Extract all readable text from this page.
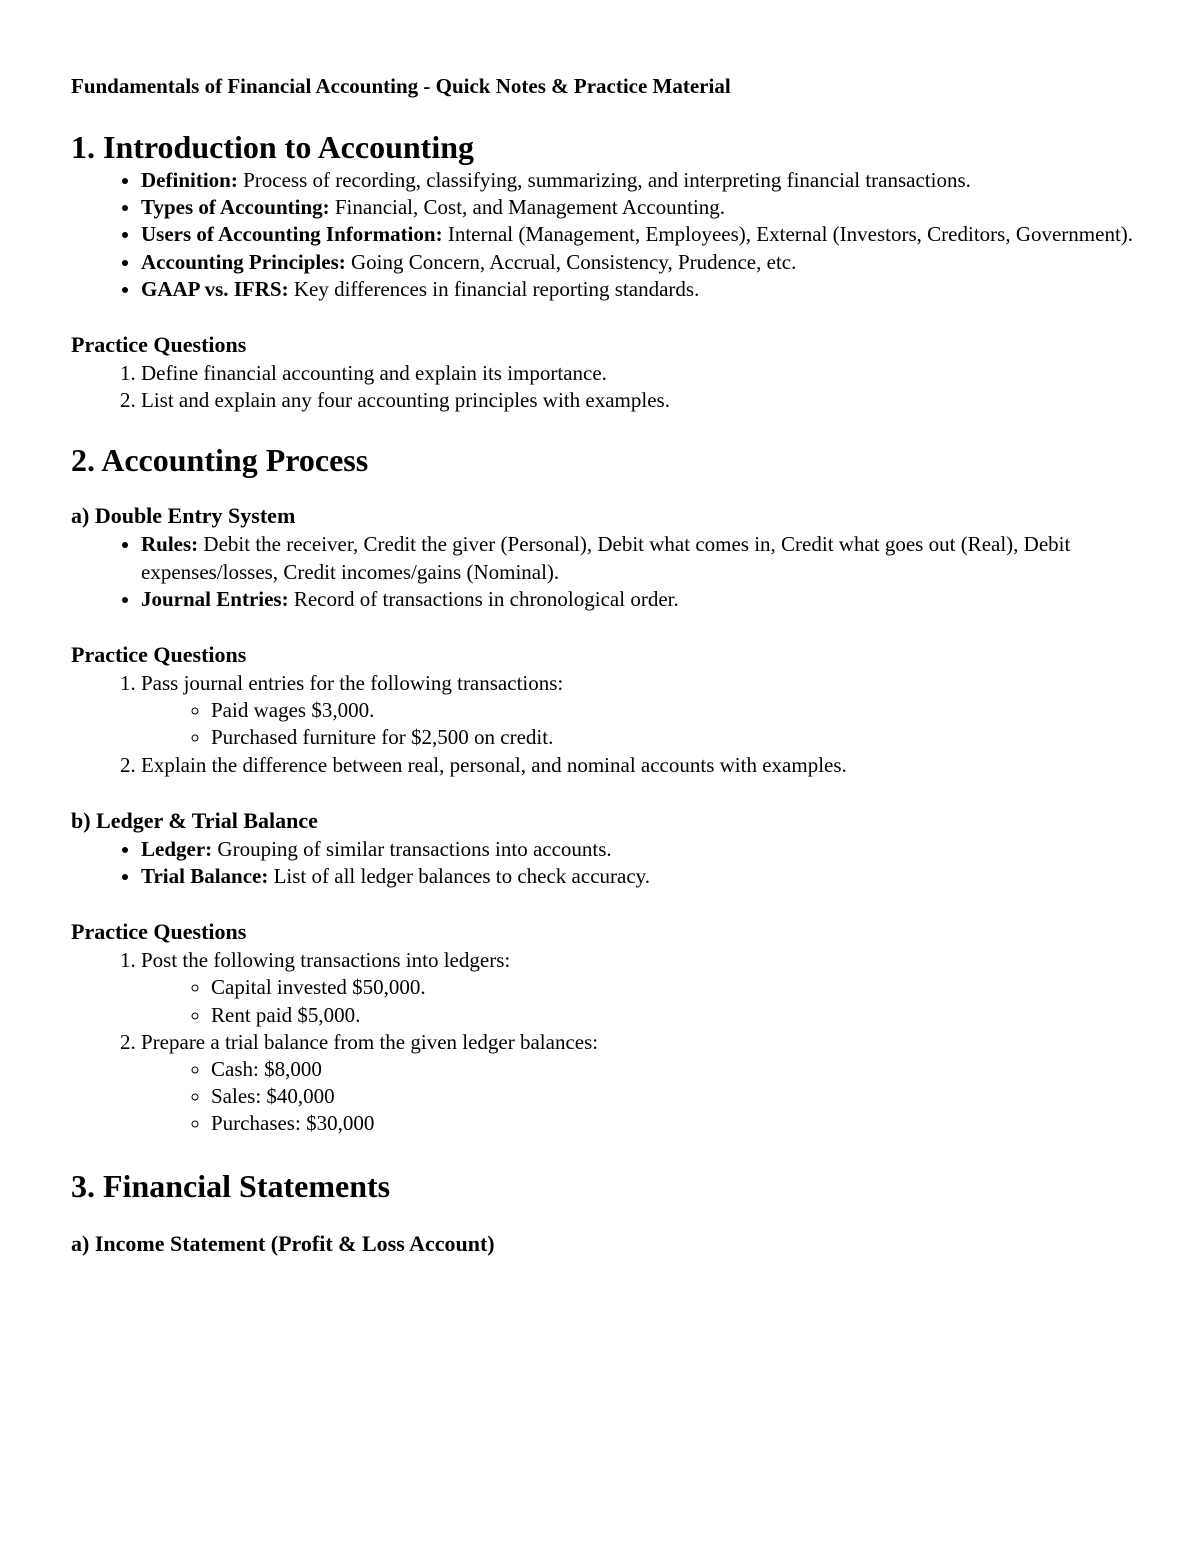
Fundamentals of Financial Accounting - Quick Notes & Practice Material

1. Introduction to Accounting
• Definition: Process of recording, classifying, summarizing, and interpreting financial transactions.
• Types of Accounting: Financial, Cost, and Management Accounting.
• Users of Accounting Information: Internal (Management, Employees), External (Investors, Creditors, Government).
• Accounting Principles: Going Concern, Accrual, Consistency, Prudence, etc.
• GAAP vs. IFRS: Key differences in financial reporting standards.
Practice Questions
1. Define financial accounting and explain its importance.
2. List and explain any four accounting principles with examples.
2. Accounting Process
a) Double Entry System
• Rules: Debit the receiver, Credit the giver (Personal), Debit what comes in, Credit what goes out (Real), Debit expenses/losses, Credit incomes/gains (Nominal).
• Journal Entries: Record of transactions in chronological order.
Practice Questions
1. Pass journal entries for the following transactions:
◦ Paid wages $3,000.
◦ Purchased furniture for $2,500 on credit.
2. Explain the difference between real, personal, and nominal accounts with examples.
b) Ledger & Trial Balance
• Ledger: Grouping of similar transactions into accounts.
• Trial Balance: List of all ledger balances to check accuracy.
Practice Questions
1. Post the following transactions into ledgers:
◦ Capital invested $50,000.
◦ Rent paid $5,000.
2. Prepare a trial balance from the given ledger balances:
◦ Cash: $8,000
◦ Sales: $40,000
◦ Purchases: $30,000
3. Financial Statements
a) Income Statement (Profit & Loss Account)
